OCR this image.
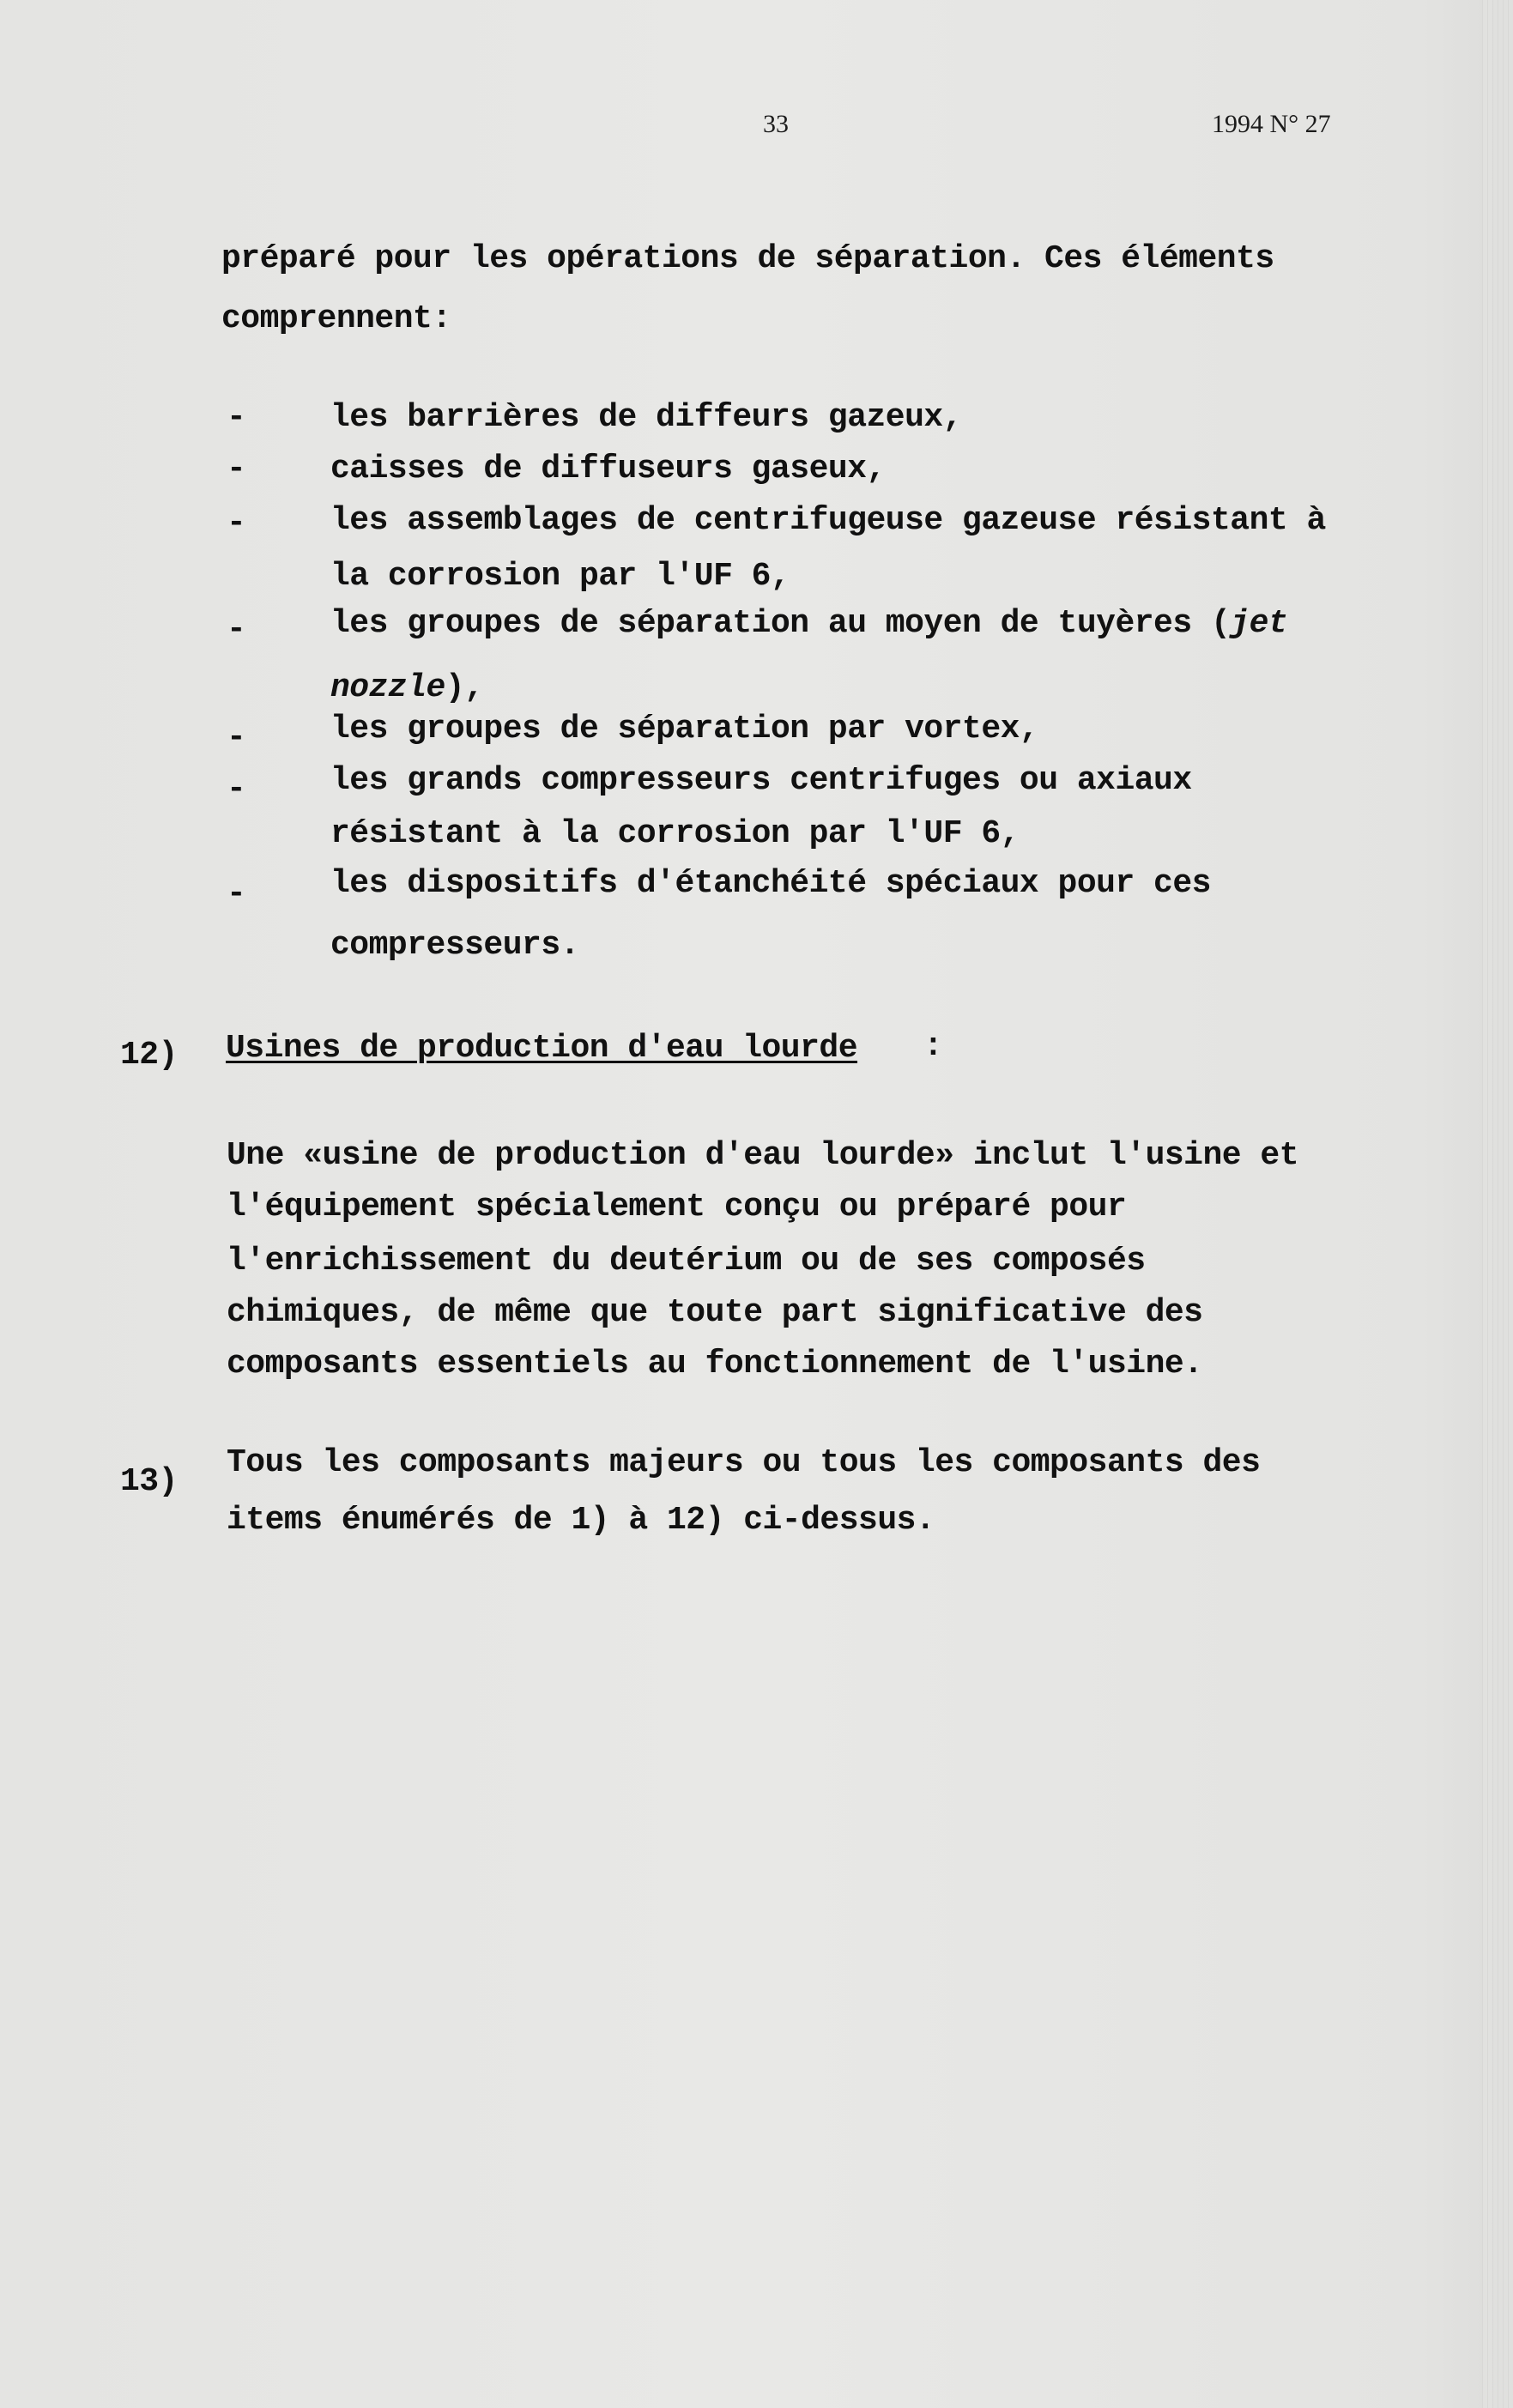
33	1994 N° 27
préparé pour les opérations de séparation. Ces éléments
comprennent:
-	les barrières de diffeurs gazeux,
-	caisses de diffuseurs gaseux,
-	les assemblages de centrifugeuse gazeuse résistant à
la corrosion par l'UF 6,
-	les groupes de séparation au moyen de tuyères (jet
nozzle),
-	les groupes de séparation par vortex,
-	les grands compresseurs centrifuges ou axiaux
résistant à la corrosion par l'UF 6,
-	les dispositifs d'étanchéité spéciaux pour ces
compresseurs.
12) Usines de production d'eau lourde :
Une «usine de production d'eau lourde» inclut l'usine et
l'équipement spécialement conçu ou préparé pour
l'enrichissement du deutérium ou de ses composés
chimiques, de même que toute part significative des
composants essentiels au fonctionnement de l'usine.
13)
Tous les composants majeurs ou tous les composants des
items énumérés de 1) à 12) ci-dessus.
